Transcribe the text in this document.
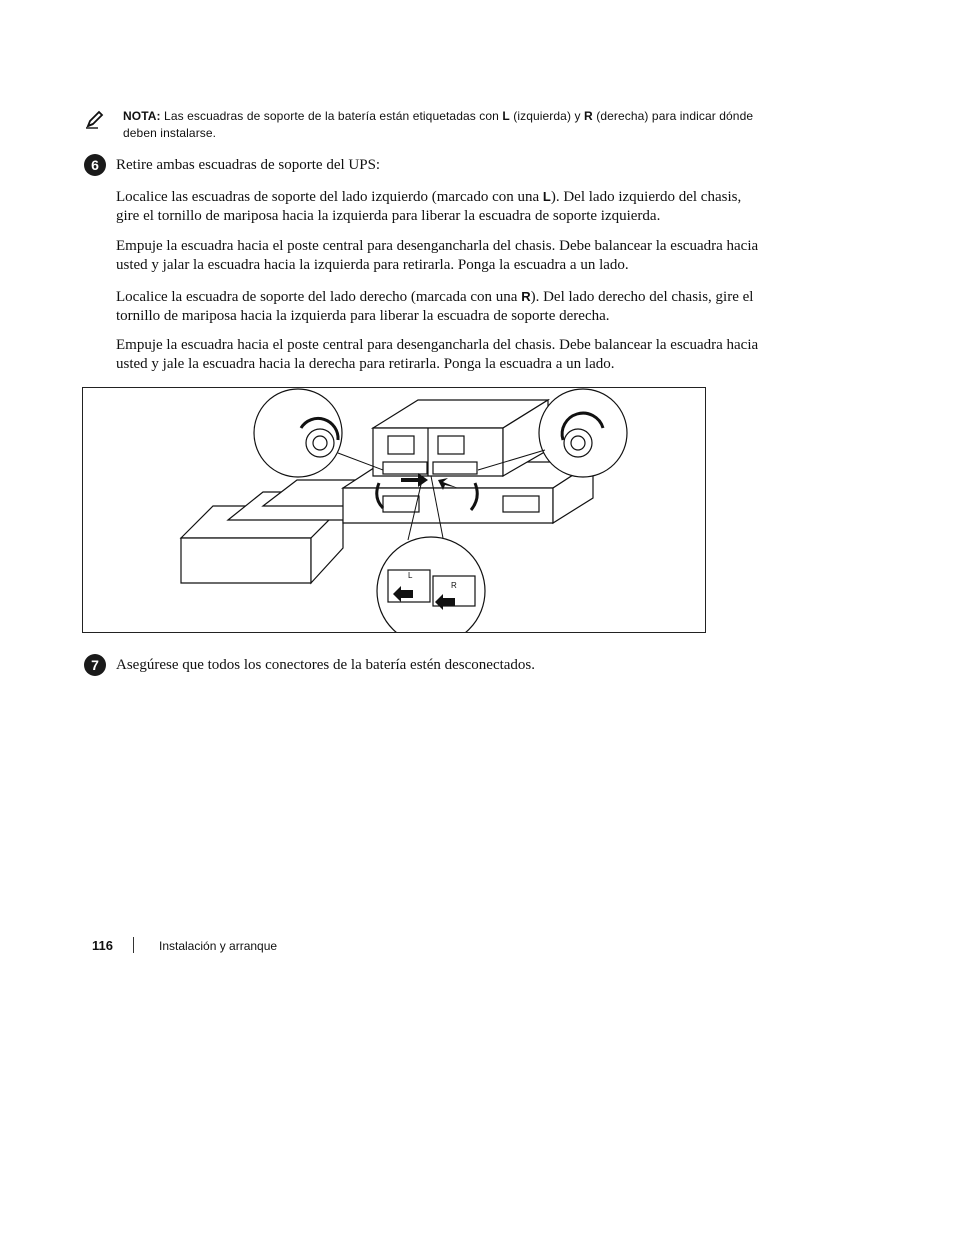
NOTA: Las escuadras de soporte de la batería están etiquetadas con L (izquierda) y R (derecha) para indicar dónde deben instalarse.
6	Retire ambas escuadras de soporte del UPS:

Localice las escuadras de soporte del lado izquierdo (marcado con una L). Del lado izquierdo del chasis, gire el tornillo de mariposa hacia la izquierda para liberar la escuadra de soporte izquierda.

Empuje la escuadra hacia el poste central para desengancharla del chasis. Debe balancear la escuadra hacia usted y jalar la escuadra hacia la izquierda para retirarla. Ponga la escuadra a un lado.

Localice la escuadra de soporte del lado derecho (marcada con una R). Del lado derecho del chasis, gire el tornillo de mariposa hacia la izquierda para liberar la escuadra de soporte derecha.

Empuje la escuadra hacia el poste central para desengancharla del chasis. Debe balancear la escuadra hacia usted y jale la escuadra hacia la derecha para retirarla. Ponga la escuadra a un lado.

L
R
7	Asegúrese que todos los conectores de la batería estén desconectados.

116	Instalación y arranque
